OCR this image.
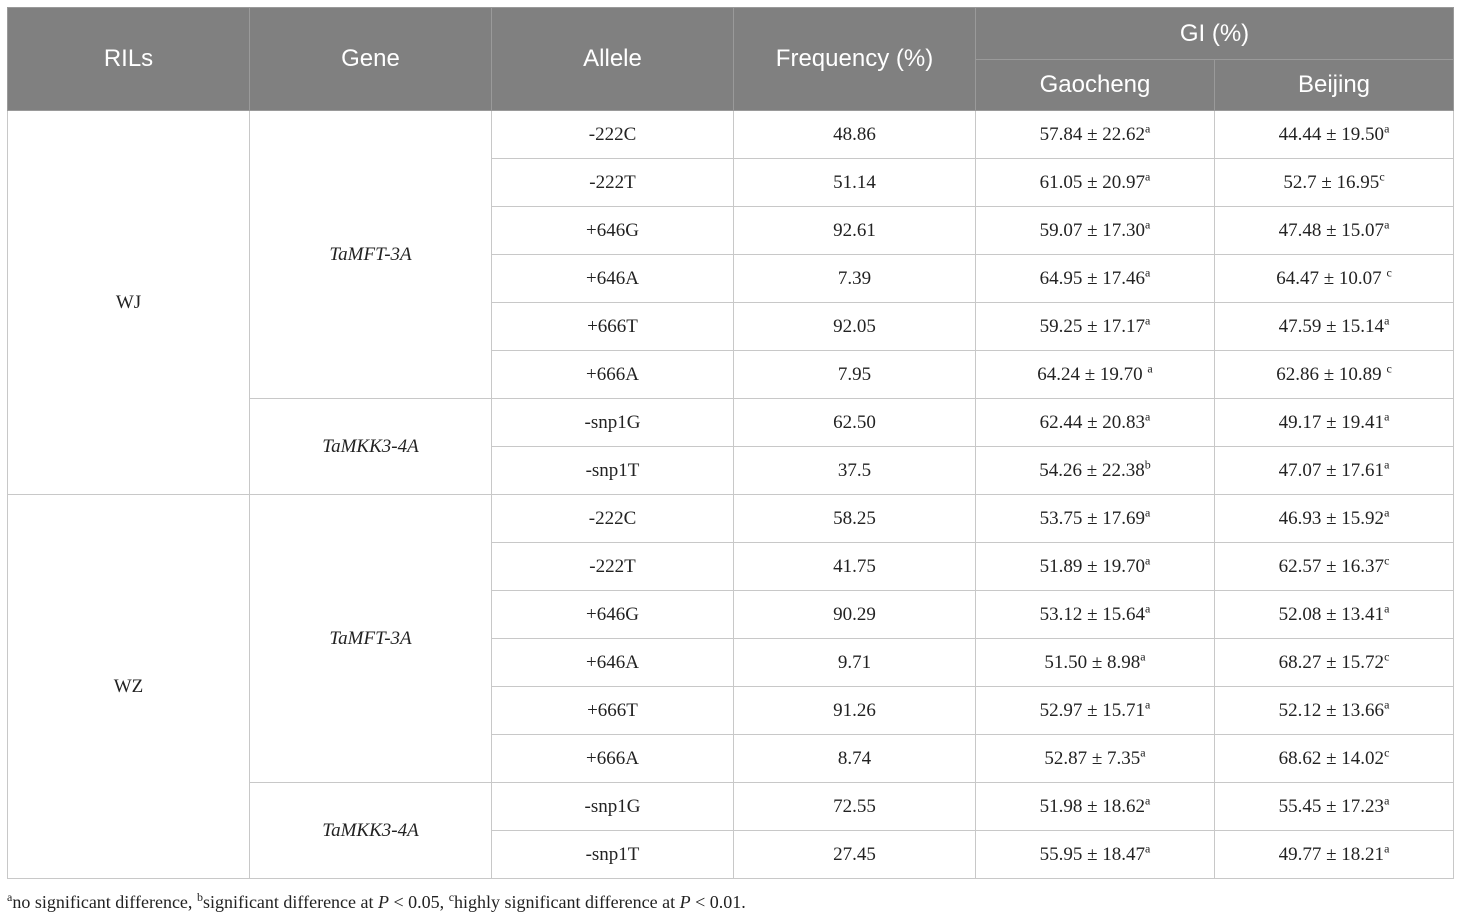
RILs	Gene	Allele	Frequency (%)	GI (%)	
				Gaocheng	Beijing
WJ	TaMFT-3A	-222C	48.86	57.84 ± 22.62$^a$	44.44 ± 19.50$^a$
		-222T	51.14	61.05 ± 20.97$^a$	52.7 ± 16.95$^c$
		+646G	92.61	59.07 ± 17.30$^a$	47.48 ± 15.07$^a$
		+646A	7.39	64.95 ± 17.46$^a$	64.47 ± 10.07 $^c$
		+666T	92.05	59.25 ± 17.17$^a$	47.59 ± 15.14$^a$
		+666A	7.95	64.24 ± 19.70 $^a$	62.86 ± 10.89 $^c$
	TaMKK3-4A	-snp1G	62.50	62.44 ± 20.83$^a$	49.17 ± 19.41$^a$
		-snp1T	37.5	54.26 ± 22.38$^b$	47.07 ± 17.61$^a$
WZ	TaMFT-3A	-222C	58.25	53.75 ± 17.69$^a$	46.93 ± 15.92$^a$
		-222T	41.75	51.89 ± 19.70$^a$	62.57 ± 16.37$^c$
		+646G	90.29	53.12 ± 15.64$^a$	52.08 ± 13.41$^a$
		+646A	9.71	51.50 ± 8.98$^a$	68.27 ± 15.72$^c$
		+666T	91.26	52.97 ± 15.71$^a$	52.12 ± 13.66$^a$
		+666A	8.74	52.87 ± 7.35$^a$	68.62 ± 14.02$^c$
	TaMKK3-4A	-snp1G	72.55	51.98 ± 18.62$^a$	55.45 ± 17.23$^a$
		-snp1T	27.45	55.95 ± 18.47$^a$	49.77 ± 18.21$^a$
$^a$no significant difference, $^b$significant difference at P < 0.05, $^c$highly significant difference at P < 0.01.
